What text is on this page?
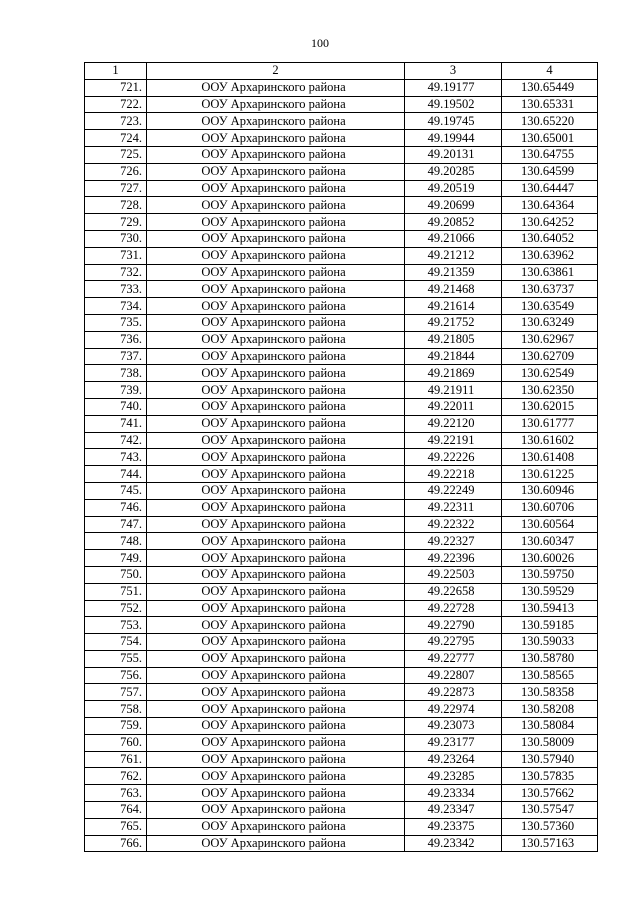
100
1	2	3	4
721.	ООУ Архаринского района	49.19177	130.65449
722.	ООУ Архаринского района	49.19502	130.65331
723.	ООУ Архаринского района	49.19745	130.65220
724.	ООУ Архаринского района	49.19944	130.65001
725.	ООУ Архаринского района	49.20131	130.64755
726.	ООУ Архаринского района	49.20285	130.64599
727.	ООУ Архаринского района	49.20519	130.64447
728.	ООУ Архаринского района	49.20699	130.64364
729.	ООУ Архаринского района	49.20852	130.64252
730.	ООУ Архаринского района	49.21066	130.64052
731.	ООУ Архаринского района	49.21212	130.63962
732.	ООУ Архаринского района	49.21359	130.63861
733.	ООУ Архаринского района	49.21468	130.63737
734.	ООУ Архаринского района	49.21614	130.63549
735.	ООУ Архаринского района	49.21752	130.63249
736.	ООУ Архаринского района	49.21805	130.62967
737.	ООУ Архаринского района	49.21844	130.62709
738.	ООУ Архаринского района	49.21869	130.62549
739.	ООУ Архаринского района	49.21911	130.62350
740.	ООУ Архаринского района	49.22011	130.62015
741.	ООУ Архаринского района	49.22120	130.61777
742.	ООУ Архаринского района	49.22191	130.61602
743.	ООУ Архаринского района	49.22226	130.61408
744.	ООУ Архаринского района	49.22218	130.61225
745.	ООУ Архаринского района	49.22249	130.60946
746.	ООУ Архаринского района	49.22311	130.60706
747.	ООУ Архаринского района	49.22322	130.60564
748.	ООУ Архаринского района	49.22327	130.60347
749.	ООУ Архаринского района	49.22396	130.60026
750.	ООУ Архаринского района	49.22503	130.59750
751.	ООУ Архаринского района	49.22658	130.59529
752.	ООУ Архаринского района	49.22728	130.59413
753.	ООУ Архаринского района	49.22790	130.59185
754.	ООУ Архаринского района	49.22795	130.59033
755.	ООУ Архаринского района	49.22777	130.58780
756.	ООУ Архаринского района	49.22807	130.58565
757.	ООУ Архаринского района	49.22873	130.58358
758.	ООУ Архаринского района	49.22974	130.58208
759.	ООУ Архаринского района	49.23073	130.58084
760.	ООУ Архаринского района	49.23177	130.58009
761.	ООУ Архаринского района	49.23264	130.57940
762.	ООУ Архаринского района	49.23285	130.57835
763.	ООУ Архаринского района	49.23334	130.57662
764.	ООУ Архаринского района	49.23347	130.57547
765.	ООУ Архаринского района	49.23375	130.57360
766.	ООУ Архаринского района	49.23342	130.57163
